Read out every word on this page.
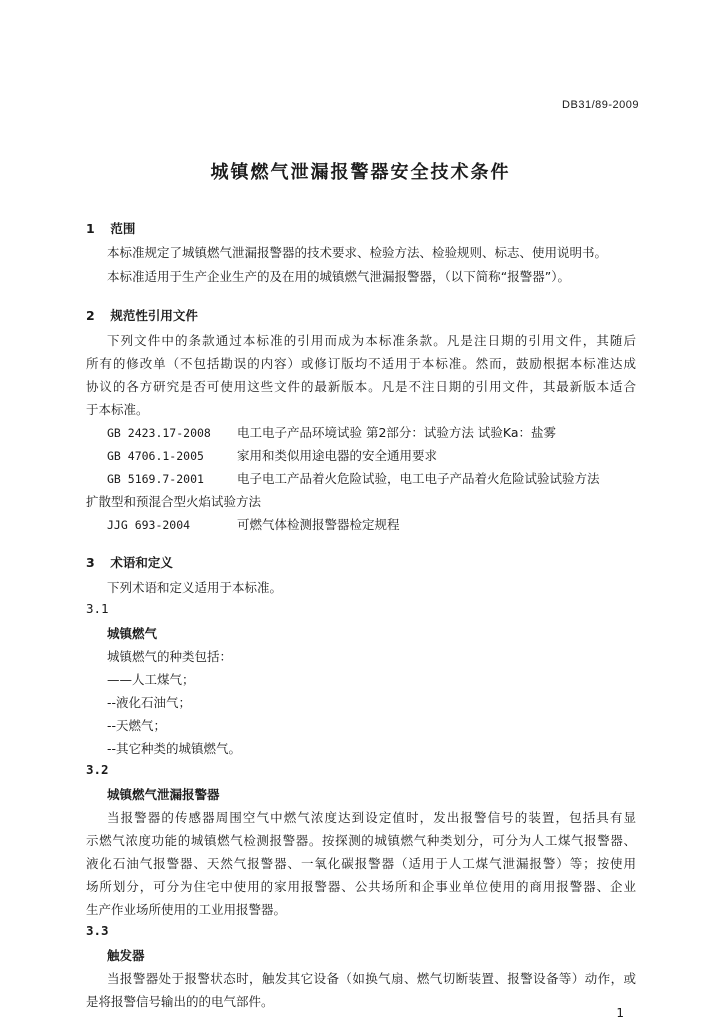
DB31/89-2009
城镇燃气泄漏报警器安全技术条件
1 范围
本标准规定了城镇燃气泄漏报警器的技术要求、检验方法、检验规则、标志、使用说明书。
本标准适用于生产企业生产的及在用的城镇燃气泄漏报警器，（以下简称“报警器”）。
2 规范性引用文件
下列文件中的条款通过本标准的引用而成为本标准条款。凡是注日期的引用文件，其随后
所有的修改单（不包括勘误的内容）或修订版均不适用于本标准。然而，鼓励根据本标准达成
协议的各方研究是否可使用这些文件的最新版本。凡是不注日期的引用文件，其最新版本适合
于本标准。
GB 2423.17-2008 电工电子产品环境试验 第2部分：试验方法 试验Ka：盐雾
GB 4706.1-2005	家用和类似用途电器的安全通用要求
GB 5169.7-2001	电子电工产品着火危险试验，电工电子产品着火危险试验试验方法
扩散型和预混合型火焰试验方法
JJG 693-2004	可燃气体检测报警器检定规程
3 术语和定义
下列术语和定义适用于本标准。
3.1
城镇燃气
城镇燃气的种类包括：
——人工煤气；
--液化石油气；
--天燃气；
--其它种类的城镇燃气。
3.2
城镇燃气泄漏报警器
当报警器的传感器周围空气中燃气浓度达到设定值时，发出报警信号的装置，包括具有显
示燃气浓度功能的城镇燃气检测报警器。按探测的城镇燃气种类划分，可分为人工煤气报警器、
液化石油气报警器、天然气报警器、一氧化碳报警器（适用于人工煤气泄漏报警）等；按使用
场所划分，可分为住宅中使用的家用报警器、公共场所和企事业单位使用的商用报警器、企业
生产作业场所使用的工业用报警器。
3.3
触发器
当报警器处于报警状态时，触发其它设备（如换气扇、燃气切断装置、报警设备等）动作，或
是将报警信号输出的的电气部件。
1
